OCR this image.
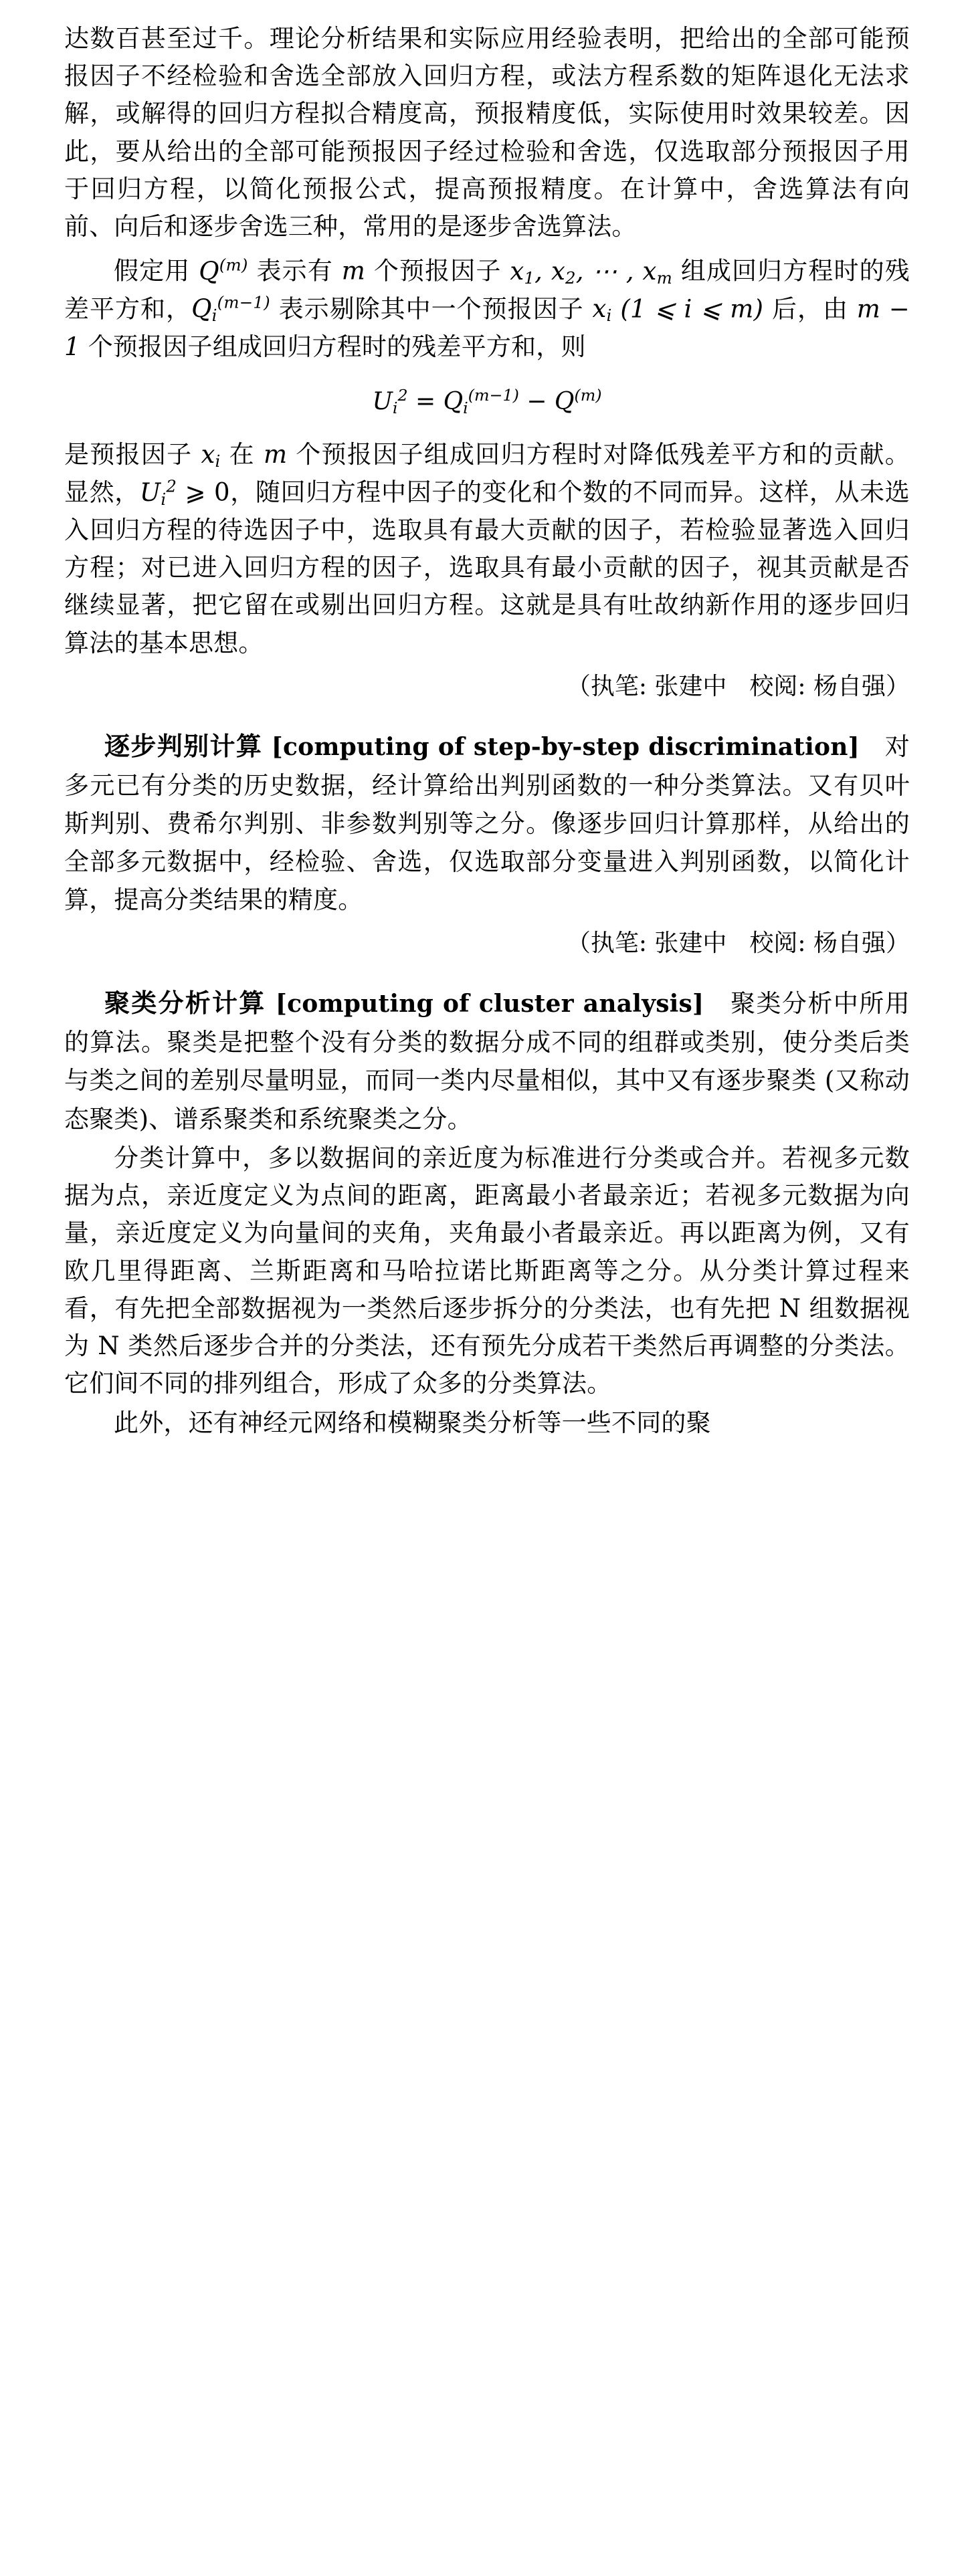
达数百甚至过千。理论分析结果和实际应用经验表明，把给出的全部可能预报因子不经检验和舍选全部放入回归方程，或法方程系数的矩阵退化无法求解，或解得的回归方程拟合精度高，预报精度低，实际使用时效果较差。因此，要从给出的全部可能预报因子经过检验和舍选，仅选取部分预报因子用于回归方程，以简化预报公式，提高预报精度。在计算中，舍选算法有向前、向后和逐步舍选三种，常用的是逐步舍选算法。

假定用 $Q^{(m)}$ 表示有 m 个预报因子 $x_1$, $x_2$, ⋯ , $x_m$ 组成回归方程时的残差平方和，$Q_i^{(m-1)}$ 表示剔除其中一个预报因子 $x_i$ (1 ⩽ i ⩽ m) 后，由 m − 1 个预报因子组成回归方程时的残差平方和，则

$U_i^2 = Q_i^{(m-1)} - Q^{(m)}$

是预报因子 $x_i$ 在 m 个预报因子组成回归方程时对降低残差平方和的贡献。显然，$U_i^2$ ⩾ 0，随回归方程中因子的变化和个数的不同而异。这样，从未选入回归方程的待选因子中，选取具有最大贡献的因子，若检验显著选入回归方程；对已进入回归方程的因子，选取具有最小贡献的因子，视其贡献是否继续显著，把它留在或剔出回归方程。这就是具有吐故纳新作用的逐步回归算法的基本思想。

（执笔: 张建中 校阅: 杨自强）

逐步判别计算 [computing of step-by-step discrimination]　 对多元已有分类的历史数据，经计算给出判别函数的一种分类算法。又有贝叶斯判别、费希尔判别、非参数判别等之分。像逐步回归计算那样，从给出的全部多元数据中，经检验、舍选，仅选取部分变量进入判别函数，以简化计算，提高分类结果的精度。

（执笔: 张建中 校阅: 杨自强）

聚类分析计算 [computing of cluster analysis]　 聚类分析中所用的算法。聚类是把整个没有分类的数据分成不同的组群或类别，使分类后类与类之间的差别尽量明显，而同一类内尽量相似，其中又有逐步聚类 (又称动态聚类)、谱系聚类和系统聚类之分。

分类计算中，多以数据间的亲近度为标准进行分类或合并。若视多元数据为点，亲近度定义为点间的距离，距离最小者最亲近；若视多元数据为向量，亲近度定义为向量间的夹角，夹角最小者最亲近。再以距离为例，又有欧几里得距离、兰斯距离和马哈拉诺比斯距离等之分。从分类计算过程来看，有先把全部数据视为一类然后逐步拆分的分类法，也有先把 N 组数据视为 N 类然后逐步合并的分类法，还有预先分成若干类然后再调整的分类法。它们间不同的排列组合，形成了众多的分类算法。

此外，还有神经元网络和模糊聚类分析等一些不同的聚
